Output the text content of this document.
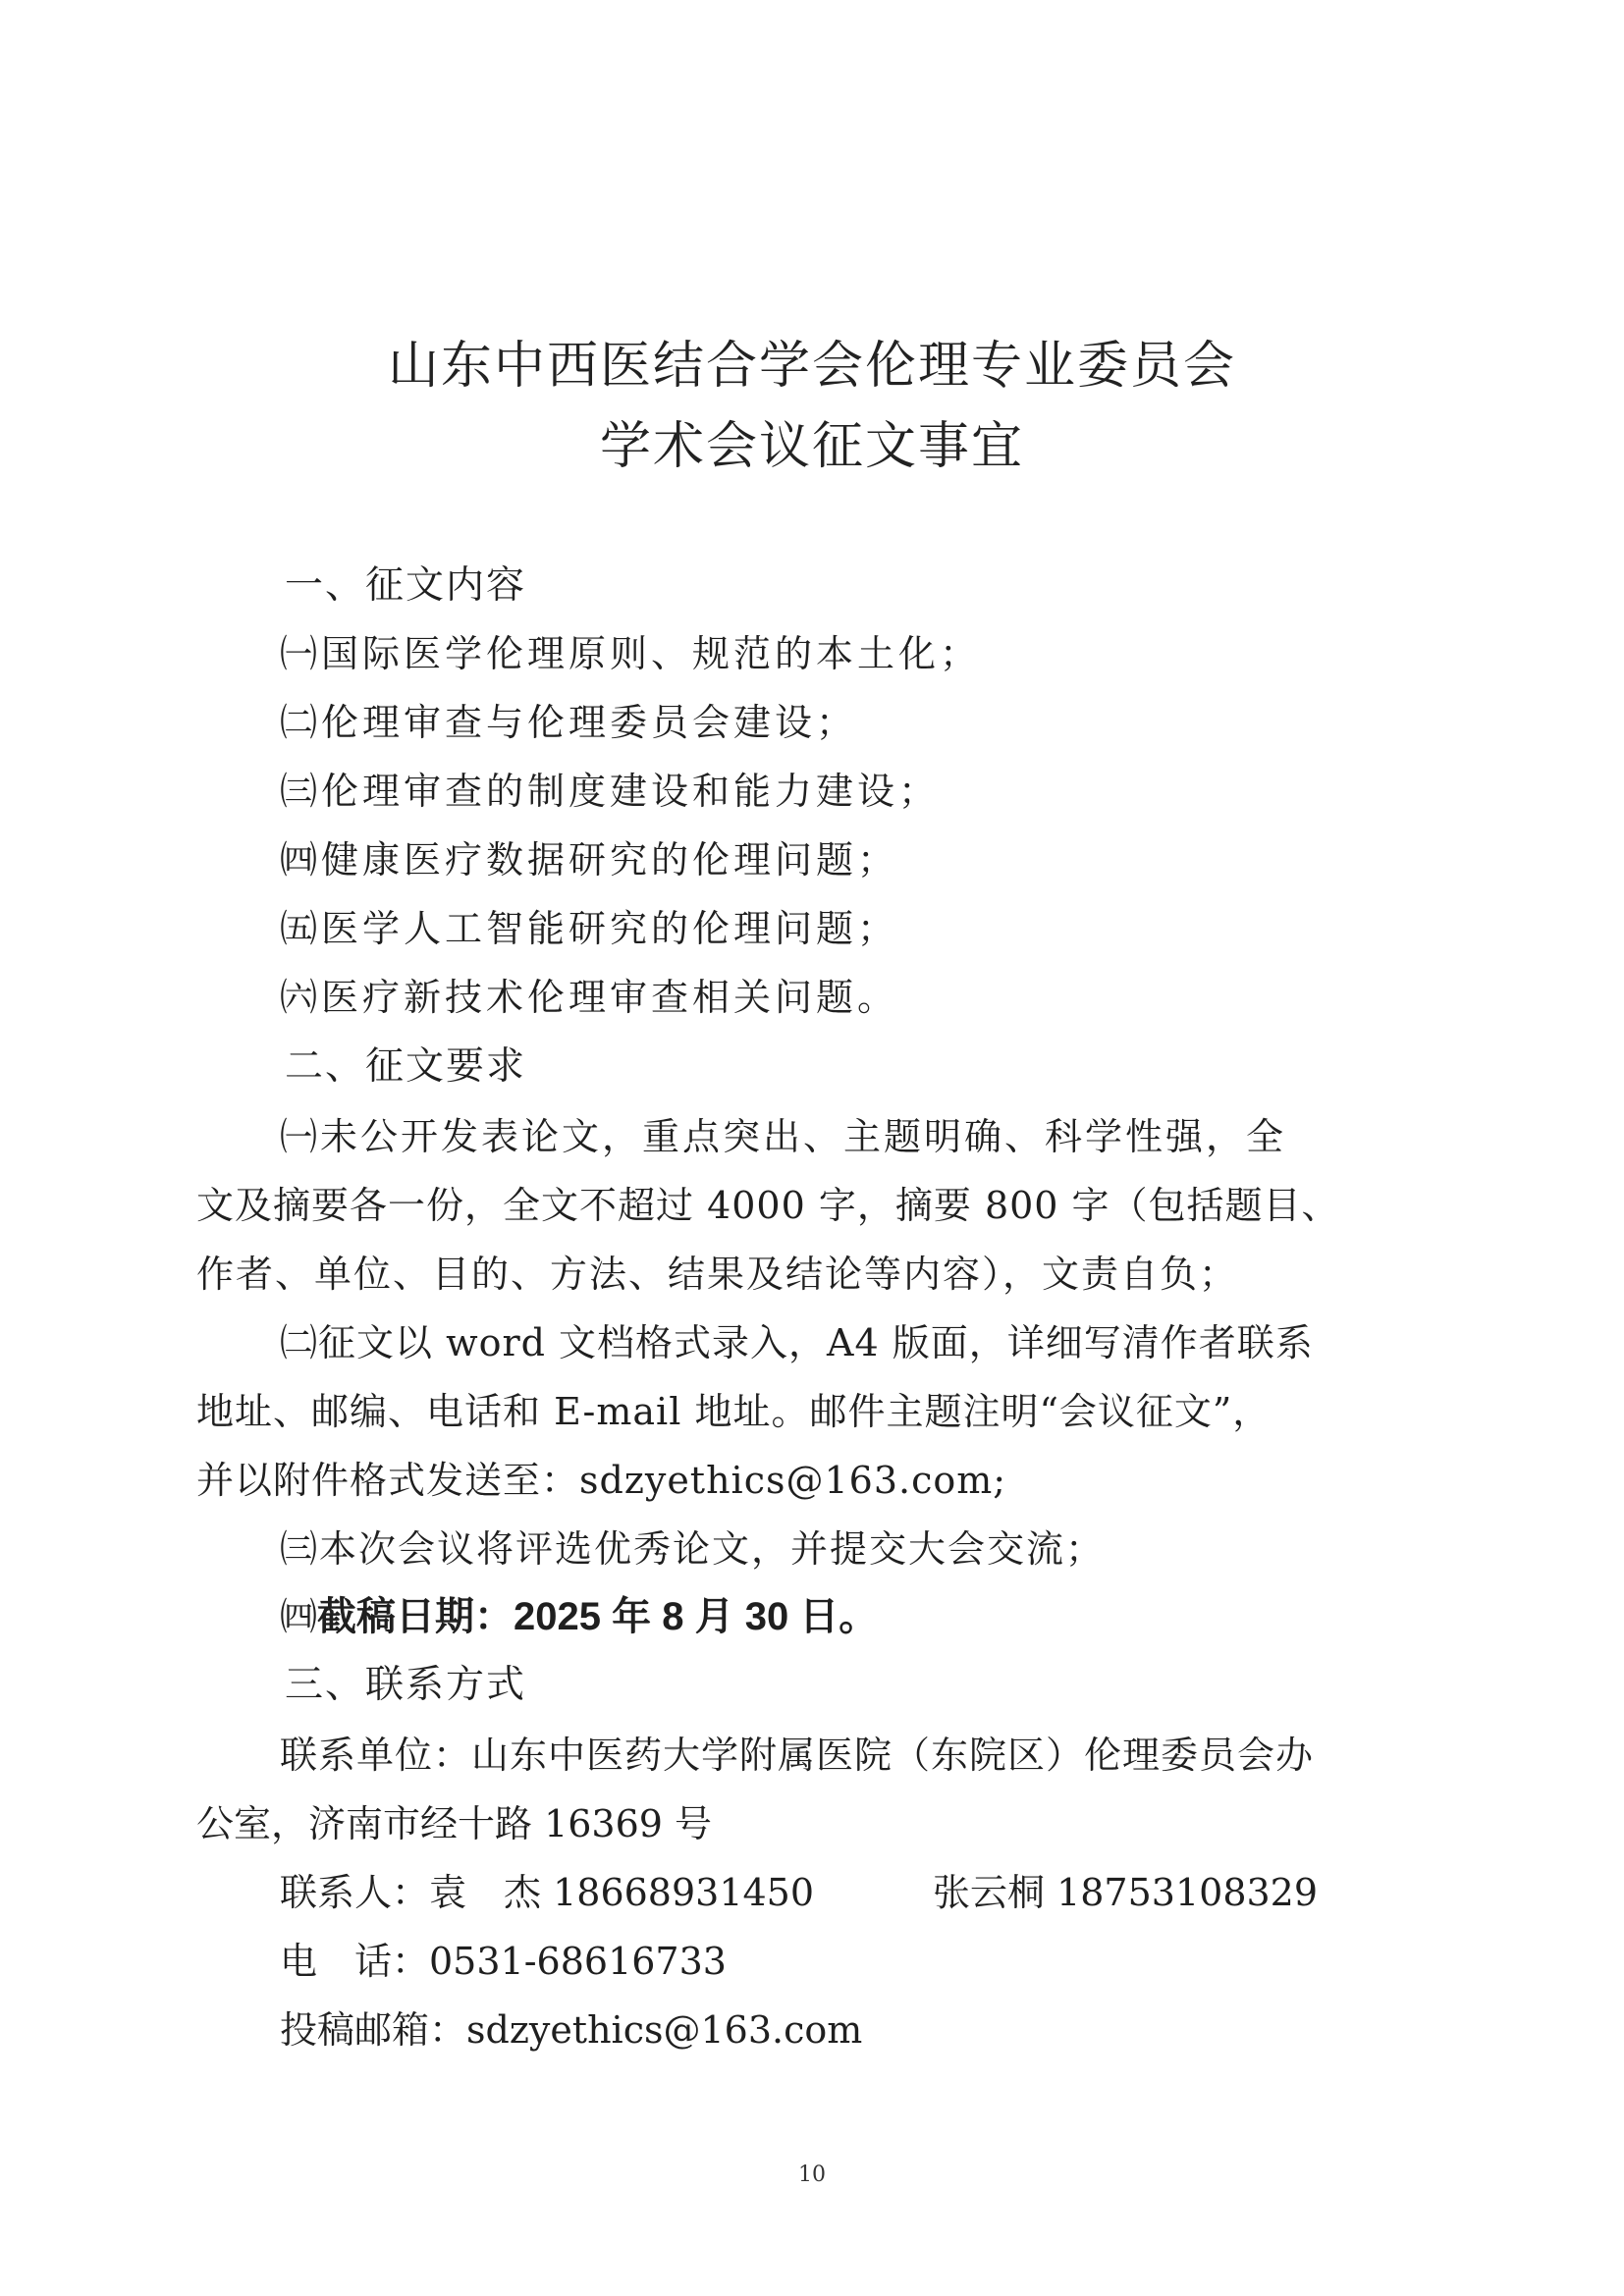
山东中西医结合学会伦理专业委员会
学术会议征文事宜
一、征文内容
㈠国际医学伦理原则、规范的本土化；
㈡伦理审查与伦理委员会建设；
㈢伦理审查的制度建设和能力建设；
㈣健康医疗数据研究的伦理问题；
㈤医学人工智能研究的伦理问题；
㈥医疗新技术伦理审查相关问题。
二、征文要求
㈠未公开发表论文，重点突出、主题明确、科学性强，全
文及摘要各一份，全文不超过 4000 字，摘要 800 字（包括题目、
作者、单位、目的、方法、结果及结论等内容），文责自负；
㈡征文以 word 文档格式录入，A4 版面，详细写清作者联系
地址、邮编、电话和 E-mail 地址。邮件主题注明“会议征文”，
并以附件格式发送至：sdzyethics@163.com;
㈢本次会议将评选优秀论文，并提交大会交流；
㈣截稿日期：2025 年 8 月 30 日。
三、联系方式
联系单位：山东中医药大学附属医院（东院区）伦理委员会办
公室，济南市经十路 16369 号
联系人：袁　杰 18668931450	张云桐 18753108329
电　话：0531-68616733
投稿邮箱：sdzyethics@163.com
10
